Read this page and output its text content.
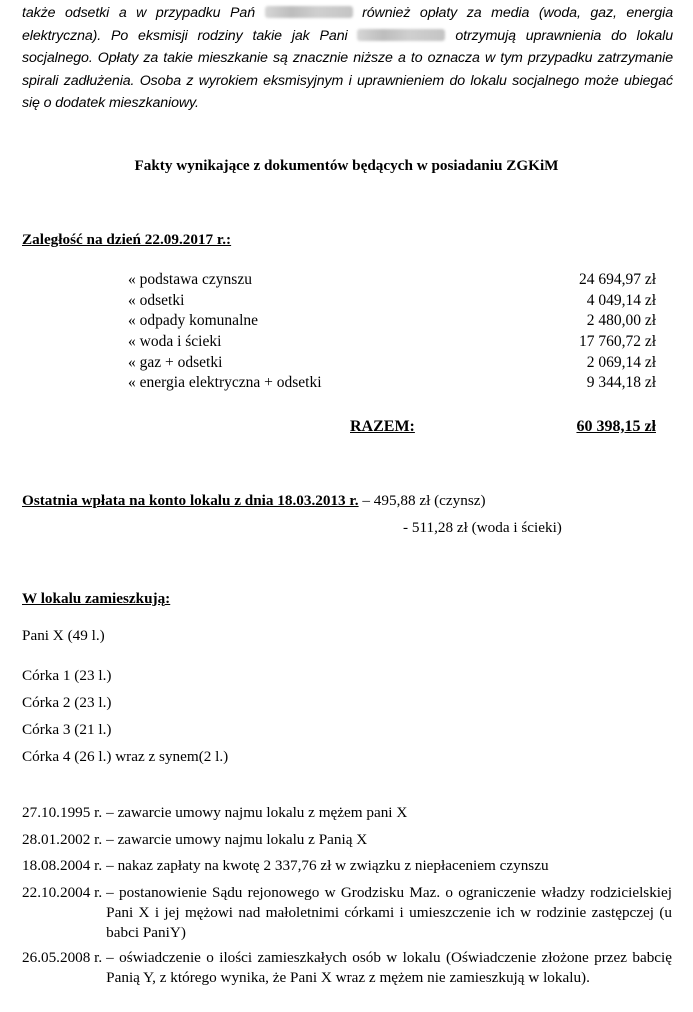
także odsetki a w przypadku Pań	również opłaty za media (woda, gaz, energia elektryczna). Po eksmisji rodziny takie jak Pani	otrzymują uprawnienia do lokalu socjalnego. Opłaty za takie mieszkanie są znacznie niższe a to oznacza w tym przypadku zatrzymanie spirali zadłużenia. Osoba z wyrokiem eksmisyjnym i uprawnieniem do lokalu socjalnego może ubiegać się o dodatek mieszkaniowy.
Fakty wynikające z dokumentów będących w posiadaniu ZGKiM
Zaległość na dzień 22.09.2017 r.:
« podstawa czynszu	24 694,97 zł
« odsetki	4 049,14 zł
« odpady komunalne	2 480,00 zł
« woda i ścieki	17 760,72 zł
« gaz + odsetki	2 069,14 zł
« energia elektryczna + odsetki	9 344,18 zł
RAZEM:	60 398,15 zł
Ostatnia wpłata na konto lokalu z dnia 18.03.2013 r. – 495,88 zł (czynsz)
- 511,28 zł (woda i ścieki)
W lokalu zamieszkują:
Pani X (49 l.)
Córka 1 (23 l.)
Córka 2 (23 l.)
Córka 3 (21 l.)
Córka 4 (26 l.) wraz z synem(2 l.)
27.10.1995 r. – zawarcie umowy najmu lokalu z mężem pani X
28.01.2002 r. – zawarcie umowy najmu lokalu z Panią X
18.08.2004 r. – nakaz zapłaty na kwotę 2 337,76 zł w związku z niepłaceniem czynszu
22.10.2004 r. – postanowienie Sądu rejonowego w Grodzisku Maz. o ograniczenie władzy rodzicielskiej Pani X i jej mężowi nad małoletnimi córkami i umieszczenie ich w rodzinie zastępczej (u babci PaniY)
26.05.2008 r. – oświadczenie o ilości zamieszkałych osób w lokalu (Oświadczenie złożone przez babcię Panią Y, z którego wynika, że Pani X wraz z mężem nie zamieszkują w lokalu).
